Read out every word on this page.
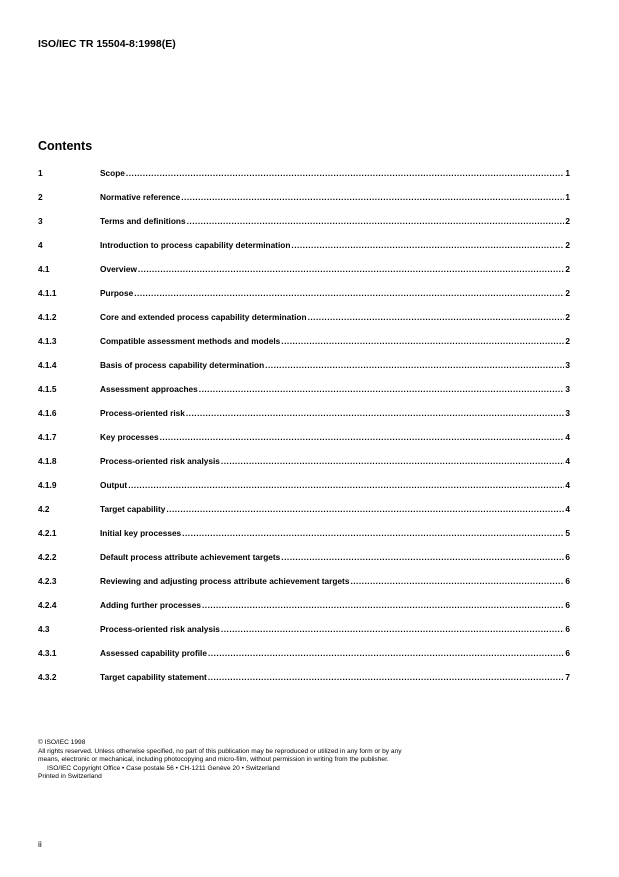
ISO/IEC TR 15504-8:1998(E)
Contents
1	Scope .....	1
2	Normative reference .....	1
3	Terms and definitions .....	2
4	Introduction to process capability determination .....	2
4.1	Overview .....	2
4.1.1	Purpose .....	2
4.1.2	Core and extended process capability determination .....	2
4.1.3	Compatible assessment methods and models .....	2
4.1.4	Basis of process capability determination .....	3
4.1.5	Assessment approaches .....	3
4.1.6	Process-oriented risk .....	3
4.1.7	Key processes .....	4
4.1.8	Process-oriented risk analysis .....	4
4.1.9	Output .....	4
4.2	Target capability .....	4
4.2.1	Initial key processes .....	5
4.2.2	Default process attribute achievement targets .....	6
4.2.3	Reviewing and adjusting process attribute achievement targets .....	6
4.2.4	Adding further processes .....	6
4.3	Process-oriented risk analysis .....	6
4.3.1	Assessed capability profile .....	6
4.3.2	Target capability statement .....	7

© ISO/IEC 1998

All rights reserved. Unless otherwise specified, no part of this publication may be reproduced or utilized in any form or by any means, electronic or mechanical, including photocopying and micro-film, without permission in writing from the publisher.

ISO/IEC Copyright Office • Case postale 56 • CH-1211 Genève 20 • Switzerland

Printed in Switzerland

ii
